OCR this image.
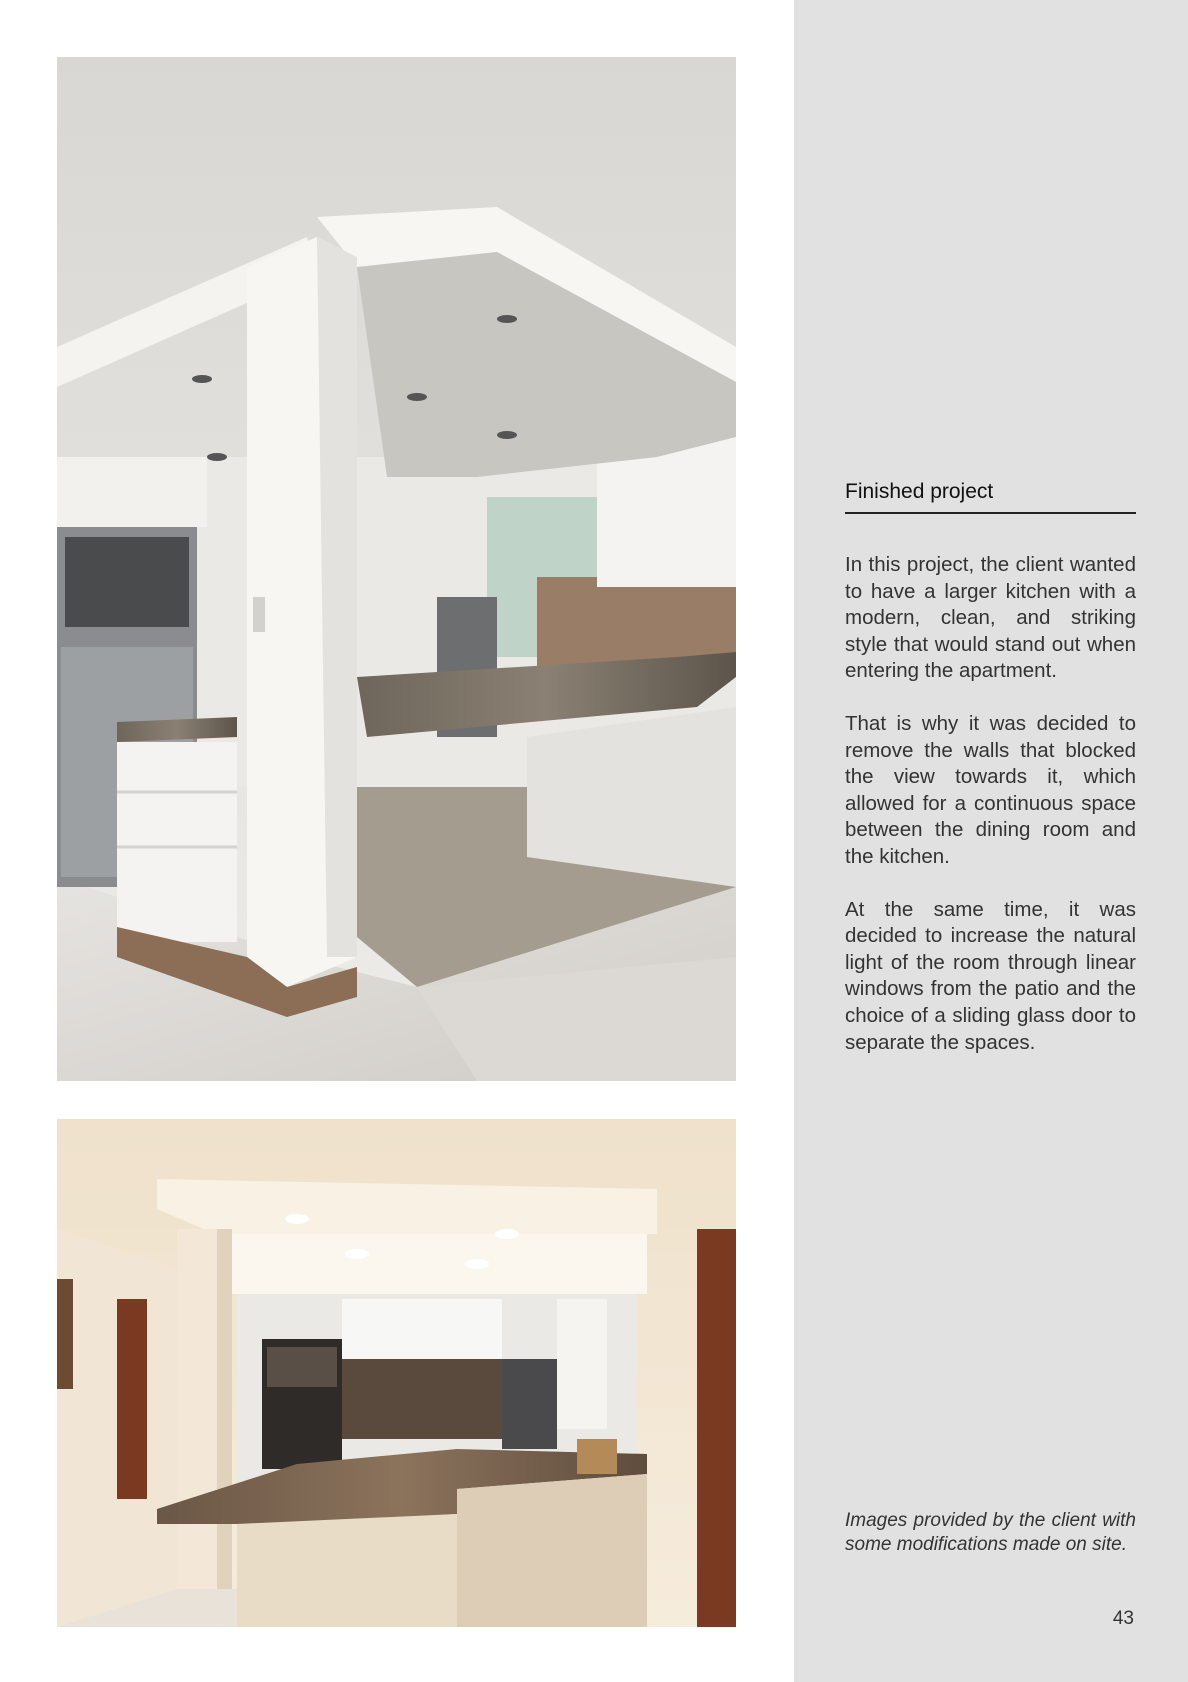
Finished project

In this project, the client wanted to have a larger kitchen with a modern, clean, and striking style that would stand out when entering the apartment.

That is why it was decided to remove the walls that blocked the view towards it, which allowed for a continuous space between the dining room and the kitchen.

At the same time, it was decided to increase the natural light of the room through linear windows from the patio and the choice of a sliding glass door to separate the spaces.

Images provided by the client with some modifications made on site.
43
